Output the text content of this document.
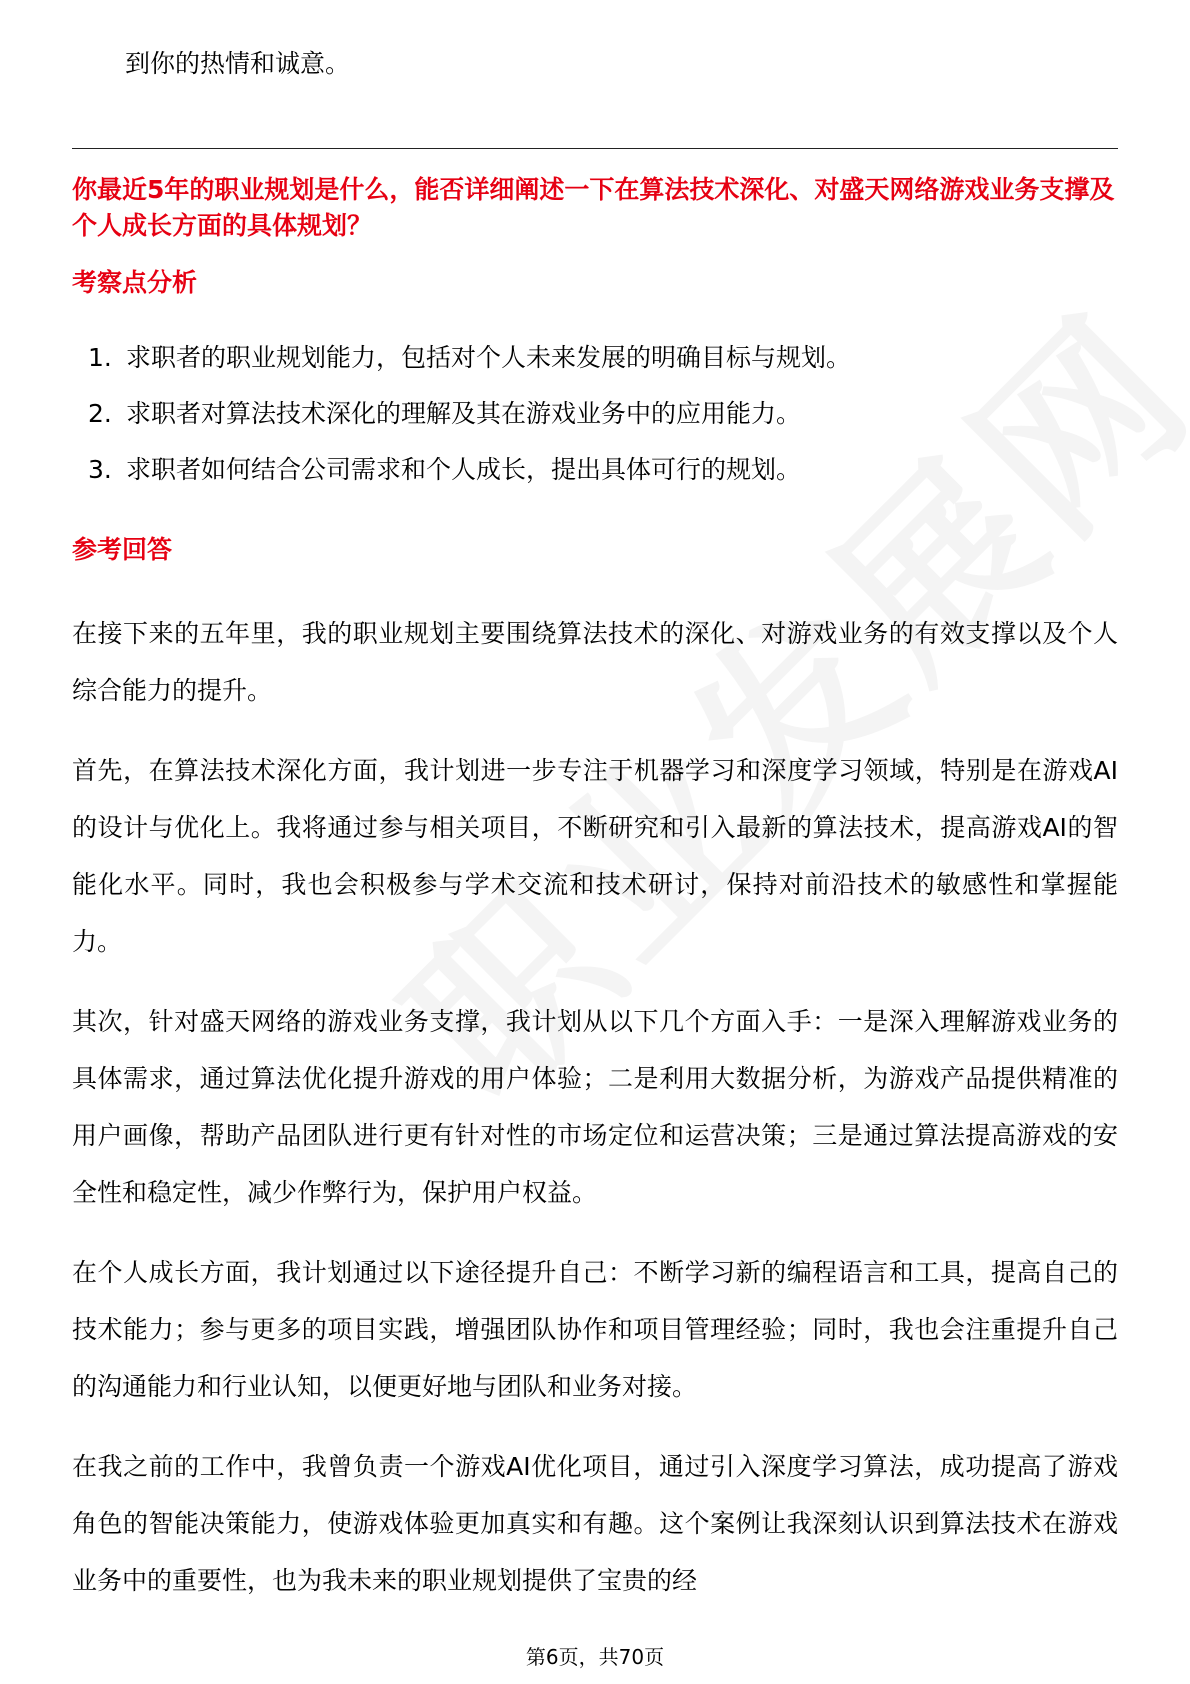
到你的热情和诚意。
你最近5年的职业规划是什么，能否详细阐述一下在算法技术深化、对盛天网络游戏业务支撑及个人成长方面的具体规划？
考察点分析
1. 求职者的职业规划能力，包括对个人未来发展的明确目标与规划。
2. 求职者对算法技术深化的理解及其在游戏业务中的应用能力。
3. 求职者如何结合公司需求和个人成长，提出具体可行的规划。
参考回答

在接下来的五年里，我的职业规划主要围绕算法技术的深化、对游戏业务的有效支撑以及个人综合能力的提升。

首先，在算法技术深化方面，我计划进一步专注于机器学习和深度学习领域，特别是在游戏AI的设计与优化上。我将通过参与相关项目，不断研究和引入最新的算法技术，提高游戏AI的智能化水平。同时，我也会积极参与学术交流和技术研讨，保持对前沿技术的敏感性和掌握能力。

其次，针对盛天网络的游戏业务支撑，我计划从以下几个方面入手：一是深入理解游戏业务的具体需求，通过算法优化提升游戏的用户体验；二是利用大数据分析，为游戏产品提供精准的用户画像，帮助产品团队进行更有针对性的市场定位和运营决策；三是通过算法提高游戏的安全性和稳定性，减少作弊行为，保护用户权益。

在个人成长方面，我计划通过以下途径提升自己：不断学习新的编程语言和工具，提高自己的技术能力；参与更多的项目实践，增强团队协作和项目管理经验；同时，我也会注重提升自己的沟通能力和行业认知，以便更好地与团队和业务对接。

在我之前的工作中，我曾负责一个游戏AI优化项目，通过引入深度学习算法，成功提高了游戏角色的智能决策能力，使游戏体验更加真实和有趣。这个案例让我深刻认识到算法技术在游戏业务中的重要性，也为我未来的职业规划提供了宝贵的经

第6页，共70页
